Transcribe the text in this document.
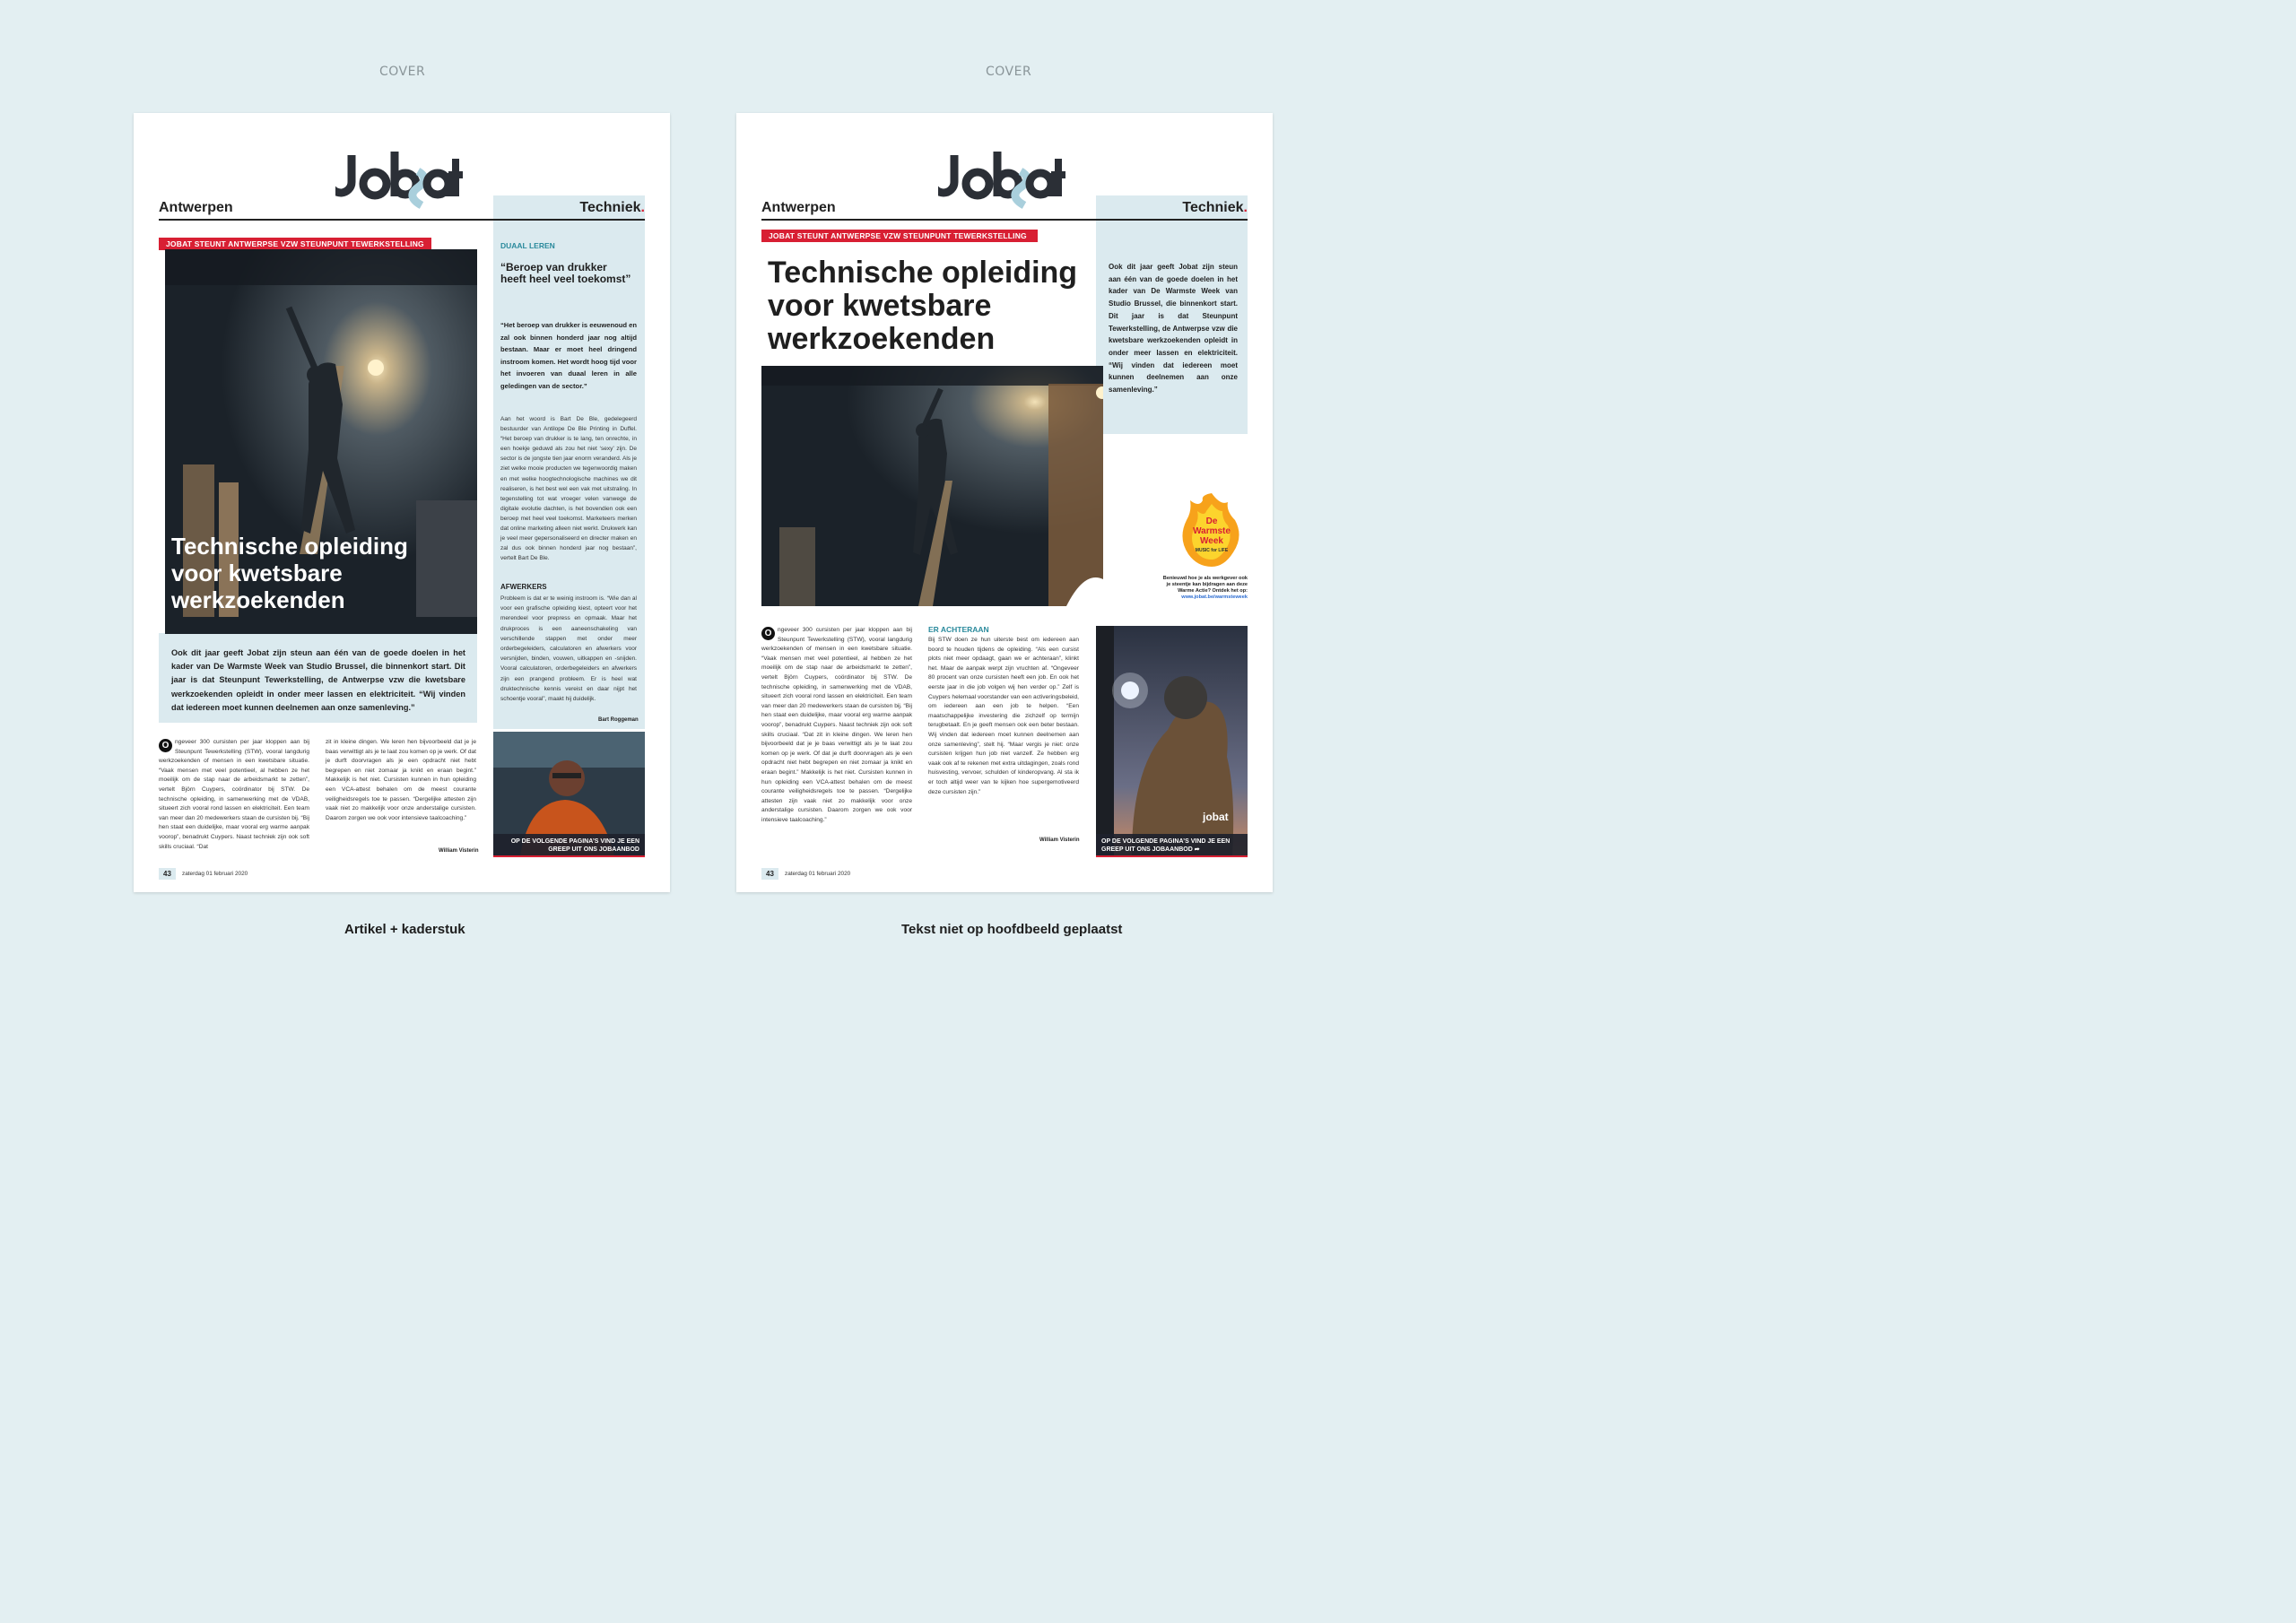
COVER	COVER
Antwerpen	Techniek.
JOBAT STEUNT ANTWERPSE VZW STEUNPUNT TEWERKSTELLING
Technische opleiding
voor kwetsbare
werkzoekenden
Ook dit jaar geeft Jobat zijn steun aan één van de goede doelen in het kader van De Warmste Week van Studio Brussel, die binnenkort start. Dit jaar is dat Steunpunt Tewerkstelling, de Antwerpse vzw die kwetsbare werkzoekenden opleidt in onder meer lassen en elektriciteit. “Wij vinden dat iedereen moet kunnen deelnemen aan onze samenleving.”
O	ngeveer 300 cursisten per jaar kloppen aan bij Steunpunt Tewerkstelling (STW), vooral langdurig werkzoekenden of mensen in een kwetsbare situatie. “Vaak mensen met veel potentieel, al hebben ze het moeilijk om de stap naar de arbeidsmarkt te zetten”, vertelt Björn Cuypers, coördinator bij STW. De technische opleiding, in samenwerking met de VDAB, situeert zich vooral rond lassen en elektriciteit. Een team van meer dan 20 medewerkers staan de cursisten bij. “Bij hen staat een duidelijke, maar vooral erg warme aanpak voorop”, benadrukt Cuypers. Naast techniek zijn ook soft skills cruciaal. “Dat
zit in kleine dingen. We leren hen bijvoorbeeld dat je je baas verwittigt als je te laat zou komen op je werk. Of dat je durft doorvragen als je een opdracht niet hebt begrepen en niet zomaar ja knikt en eraan begint.” Makkelijk is het niet. Cursisten kunnen in hun opleiding een VCA-attest behalen om de meest courante veiligheidsregels toe te passen. “Dergelijke attesten zijn vaak niet zo makkelijk voor onze anderstalige cursisten. Daarom zorgen we ook voor intensieve taalcoaching.”
William Visterin
DUAAL LEREN
“Beroep van drukker heeft heel veel toekomst”
“Het beroep van drukker is eeuwenoud en zal ook binnen honderd jaar nog altijd bestaan. Maar er moet heel dringend instroom komen. Het wordt hoog tijd voor het invoeren van duaal leren in alle geledingen van de sector.”
Aan het woord is Bart De Ble, gedelegeerd bestuurder van Antilope De Ble Printing in Duffel. “Het beroep van drukker is te lang, ten onrechte, in een hoekje geduwd als zou het niet ‘sexy’ zijn. De sector is de jongste tien jaar enorm veranderd. Als je ziet welke mooie producten we tegenwoordig maken en met welke hoogtechnologische machines we dit realiseren, is het best wel een vak met uitstraling. In tegenstelling tot wat vroeger velen vanwege de digitale evolutie dachten, is het bovendien ook een beroep met heel veel toekomst. Marketeers merken dat online marketing alleen niet werkt. Drukwerk kan je veel meer gepersonaliseerd en directer maken en zal dus ook binnen honderd jaar nog bestaan”, vertelt Bart De Ble.
AFWERKERS
Probleem is dat er te weinig instroom is. “Wie dan al voor een grafische opleiding kiest, opteert voor het merendeel voor prepress en opmaak. Maar het drukproces is een aaneenschakeling van verschillende stappen met onder meer orderbegeleiders, calculatoren en afwerkers voor versnijden, binden, vouwen, uitkappen en -snijden. Vooral calculatoren, orderbegeleiders en afwerkers zijn een prangend probleem. Er is heel wat druktechnische kennis vereist en daar nijpt het schoentje vooral”, maakt hij duidelijk.
Bart Roggeman
OP DE VOLGENDE PAGINA’S VIND JE EEN GREEP UIT ONS JOBAANBOD
43	zaterdag 01 februari 2020
Antwerpen	Techniek.
JOBAT STEUNT ANTWERPSE VZW STEUNPUNT TEWERKSTELLING
Technische opleiding
voor kwetsbare
werkzoekenden
Ook dit jaar geeft Jobat zijn steun aan één van de goede doelen in het kader van De Warmste Week van Studio Brussel, die binnenkort start. Dit jaar is dat Steunpunt Tewerkstelling, de Antwerpse vzw die kwetsbare werkzoekenden opleidt in onder meer lassen en elektriciteit. “Wij vinden dat iedereen moet kunnen deelnemen aan onze samenleving.”
De
Warmste
Week
MUSIC for LIFE
Benieuwd hoe je als werkgever ook je steentje kan bijdragen aan deze Warme Actie? Ontdek het op: www.jobat.be/warmsteweek
O	ngeveer 300 cursisten per jaar kloppen aan bij Steunpunt Tewerkstelling (STW), vooral langdurig werkzoekenden of mensen in een kwetsbare situatie. “Vaak mensen met veel potentieel, al hebben ze het moeilijk om de stap naar de arbeidsmarkt te zetten”, vertelt Björn Cuypers, coördinator bij STW. De technische opleiding, in samenwerking met de VDAB, situeert zich vooral rond lassen en elektriciteit. Een team van meer dan 20 medewerkers staan de cursisten bij. “Bij hen staat een duidelijke, maar vooral erg warme aanpak voorop”, benadrukt Cuypers. Naast techniek zijn ook soft skills cruciaal. “Dat zit in kleine dingen. We leren hen bijvoorbeeld dat je je baas verwittigt als je te laat zou komen op je werk. Of dat je durft doorvragen als je een opdracht niet hebt begrepen en niet zomaar ja knikt en eraan begint.” Makkelijk is het niet. Cursisten kunnen in hun opleiding een VCA-attest behalen om de meest courante veiligheidsregels toe te passen. “Dergelijke attesten zijn vaak niet zo makkelijk voor onze anderstalige cursisten. Daarom zorgen we ook voor intensieve taalcoaching.”
William Visterin
ER ACHTERAAN
Bij STW doen ze hun uiterste best om iedereen aan boord te houden tijdens de opleiding. “Als een cursist plots niet meer opdaagt, gaan we er achteraan”, klinkt het. Maar de aanpak werpt zijn vruchten af. “Ongeveer 80 procent van onze cursisten heeft een job. En ook het eerste jaar in die job volgen wij hen verder op.” Zelf is Cuypers helemaal voorstander van een activeringsbeleid, om iedereen aan een job te helpen. “Een maatschappelijke investering die zichzelf op termijn terugbetaalt. En je geeft mensen ook een beter bestaan. Wij vinden dat iedereen moet kunnen deelnemen aan onze samenleving”, stelt hij. “Maar vergis je niet: onze cursisten krijgen hun job niet vanzelf. Ze hebben erg vaak ook af te rekenen met extra uitdagingen, zoals rond huisvesting, vervoer, schulden of kinderopvang. Al sta ik er toch altijd weer van te kijken hoe supergemotiveerd deze cursisten zijn.”
jobat
OP DE VOLGENDE PAGINA’S VIND JE EEN GREEP UIT ONS JOBAANBOD ➦
43	zaterdag 01 februari 2020
Artikel + kaderstuk	Tekst niet op hoofdbeeld geplaatst
